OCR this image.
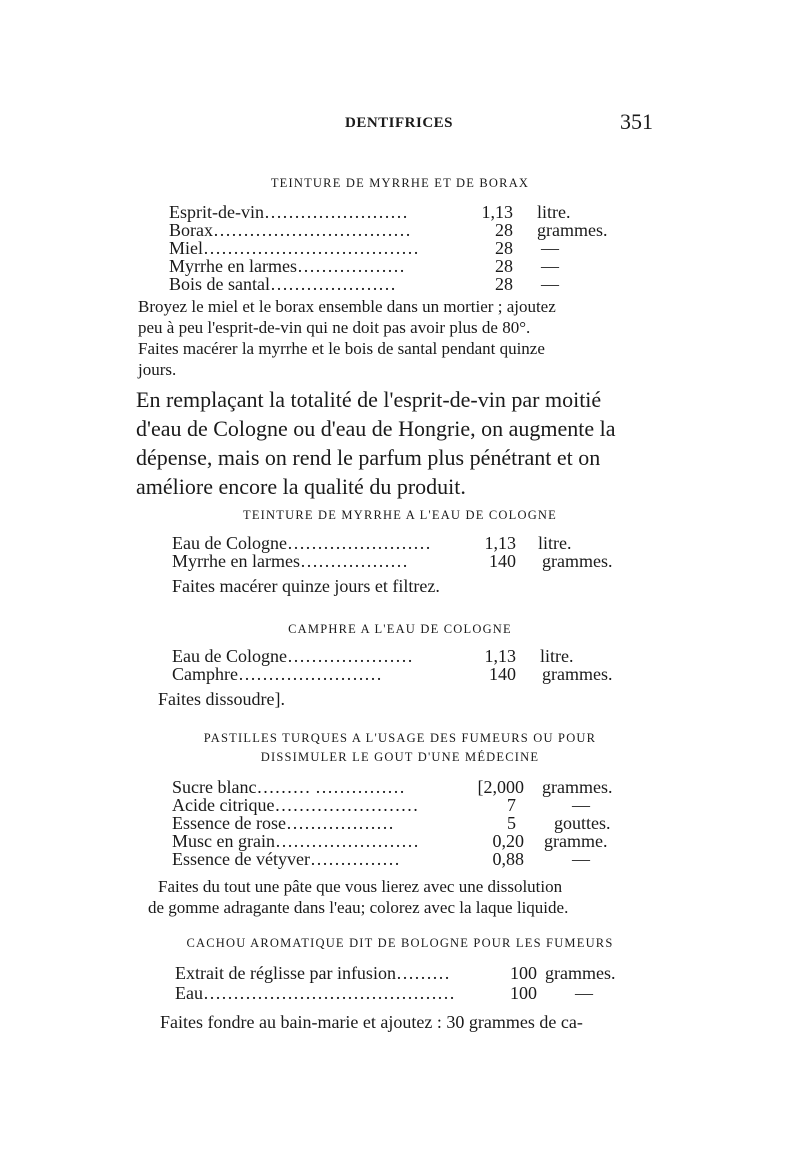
DENTIFRICES	351
TEINTURE DE MYRRHE ET DE BORAX
Esprit-de-vin……………………	1,13 litre.
Borax……………………………	28 grammes.
Miel………………………………	28 —
Myrrhe en larmes………………	28 —
Bois de santal…………………	28 —
Broyez le miel et le borax ensemble dans un mortier ; ajoutez
peu à peu l'esprit-de-vin qui ne doit pas avoir plus de 80°.
Faites macérer la myrrhe et le bois de santal pendant quinze
jours.
En remplaçant la totalité de l'esprit-de-vin par moitié
d'eau de Cologne ou d'eau de Hongrie, on augmente la
dépense, mais on rend le parfum plus pénétrant et on
améliore encore la qualité du produit.
TEINTURE DE MYRRHE A L'EAU DE COLOGNE
Eau de Cologne……………………	1,13 litre.
Myrrhe en larmes………………	140 grammes.
Faites macérer quinze jours et filtrez.
CAMPHRE A L'EAU DE COLOGNE
Eau de Cologne…………………	1,13 litre.
Camphre……………………	140 grammes.
Faites dissoudre].
PASTILLES TURQUES A L'USAGE DES FUMEURS OU POUR
DISSIMULER LE GOUT D'UNE MÉDECINE
Sucre blanc……… ……………	[2,000 grammes.
Acide citrique……………………	7	—
Essence de rose………………	5 gouttes.
Musc en grain……………………	0,20 gramme.
Essence de vétyver……………	0,88	—
Faites du tout une pâte que vous lierez avec une dissolution
de gomme adragante dans l'eau; colorez avec la laque liquide.
CACHOU AROMATIQUE DIT DE BOLOGNE POUR LES FUMEURS
Extrait de réglisse par infusion………	100 grammes.
Eau……………………………………	100 —
Faites fondre au bain-marie et ajoutez : 30 grammes de ca-
